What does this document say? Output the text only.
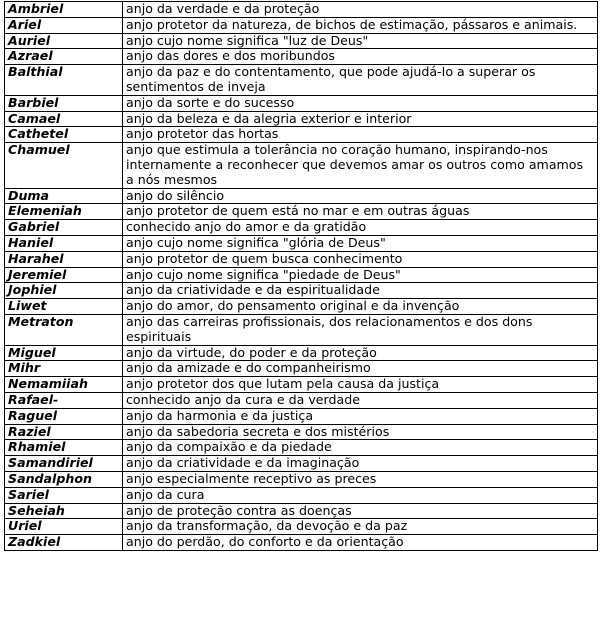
Ambriel	anjo da verdade e da proteção
Ariel	anjo protetor da natureza, de bichos de estimação, pássaros e animais.
Auriel	anjo cujo nome significa "luz de Deus"
Azrael	anjo das dores e dos moribundos
Balthial	anjo da paz e do contentamento, que pode ajudá-Io a superar os sentimentos de inveja
Barbiel	anjo da sorte e do sucesso
Camael	anjo da beleza e da alegria exterior e interior
Cathetel	anjo protetor das hortas
Chamuel	anjo que estimula a tolerância no coração humano, inspirando-nos internamente a reconhecer que devemos amar os outros como amamos a nós mesmos
Duma	anjo do silêncio
Elemeniah	anjo protetor de quem está no mar e em outras águas
Gabriel	conhecido anjo do amor e da gratidão
Haniel	anjo cujo nome significa "glória de Deus"
Harahel	anjo protetor de quem busca conhecimento
Jeremiel	anjo cujo nome significa "piedade de Deus"
Jophiel	anjo da criatividade e da espiritualidade
Liwet	anjo do amor, do pensamento original e da invenção
Metraton	anjo das carreiras profissionais, dos relacionamentos e dos dons espirituais
Miguel	anjo da virtude, do poder e da proteção
Mihr	anjo da amizade e do companheirismo
Nemamiiah	anjo protetor dos que lutam pela causa da justiça
Rafael-	conhecido anjo da cura e da verdade
Raguel	anjo da harmonia e da justiça
Raziel	anjo da sabedoria secreta e dos mistérios
Rhamiel	anjo da compaixão e da piedade
Samandiriel	anjo da criatividade e da imaginação
Sandalphon	anjo especialmente receptivo as preces
Sariel	anjo da cura
Seheiah	anjo de proteção contra as doenças
Uriel	anjo da transformação, da devoção e da paz
Zadkiel	anjo do perdão, do conforto e da orientação
